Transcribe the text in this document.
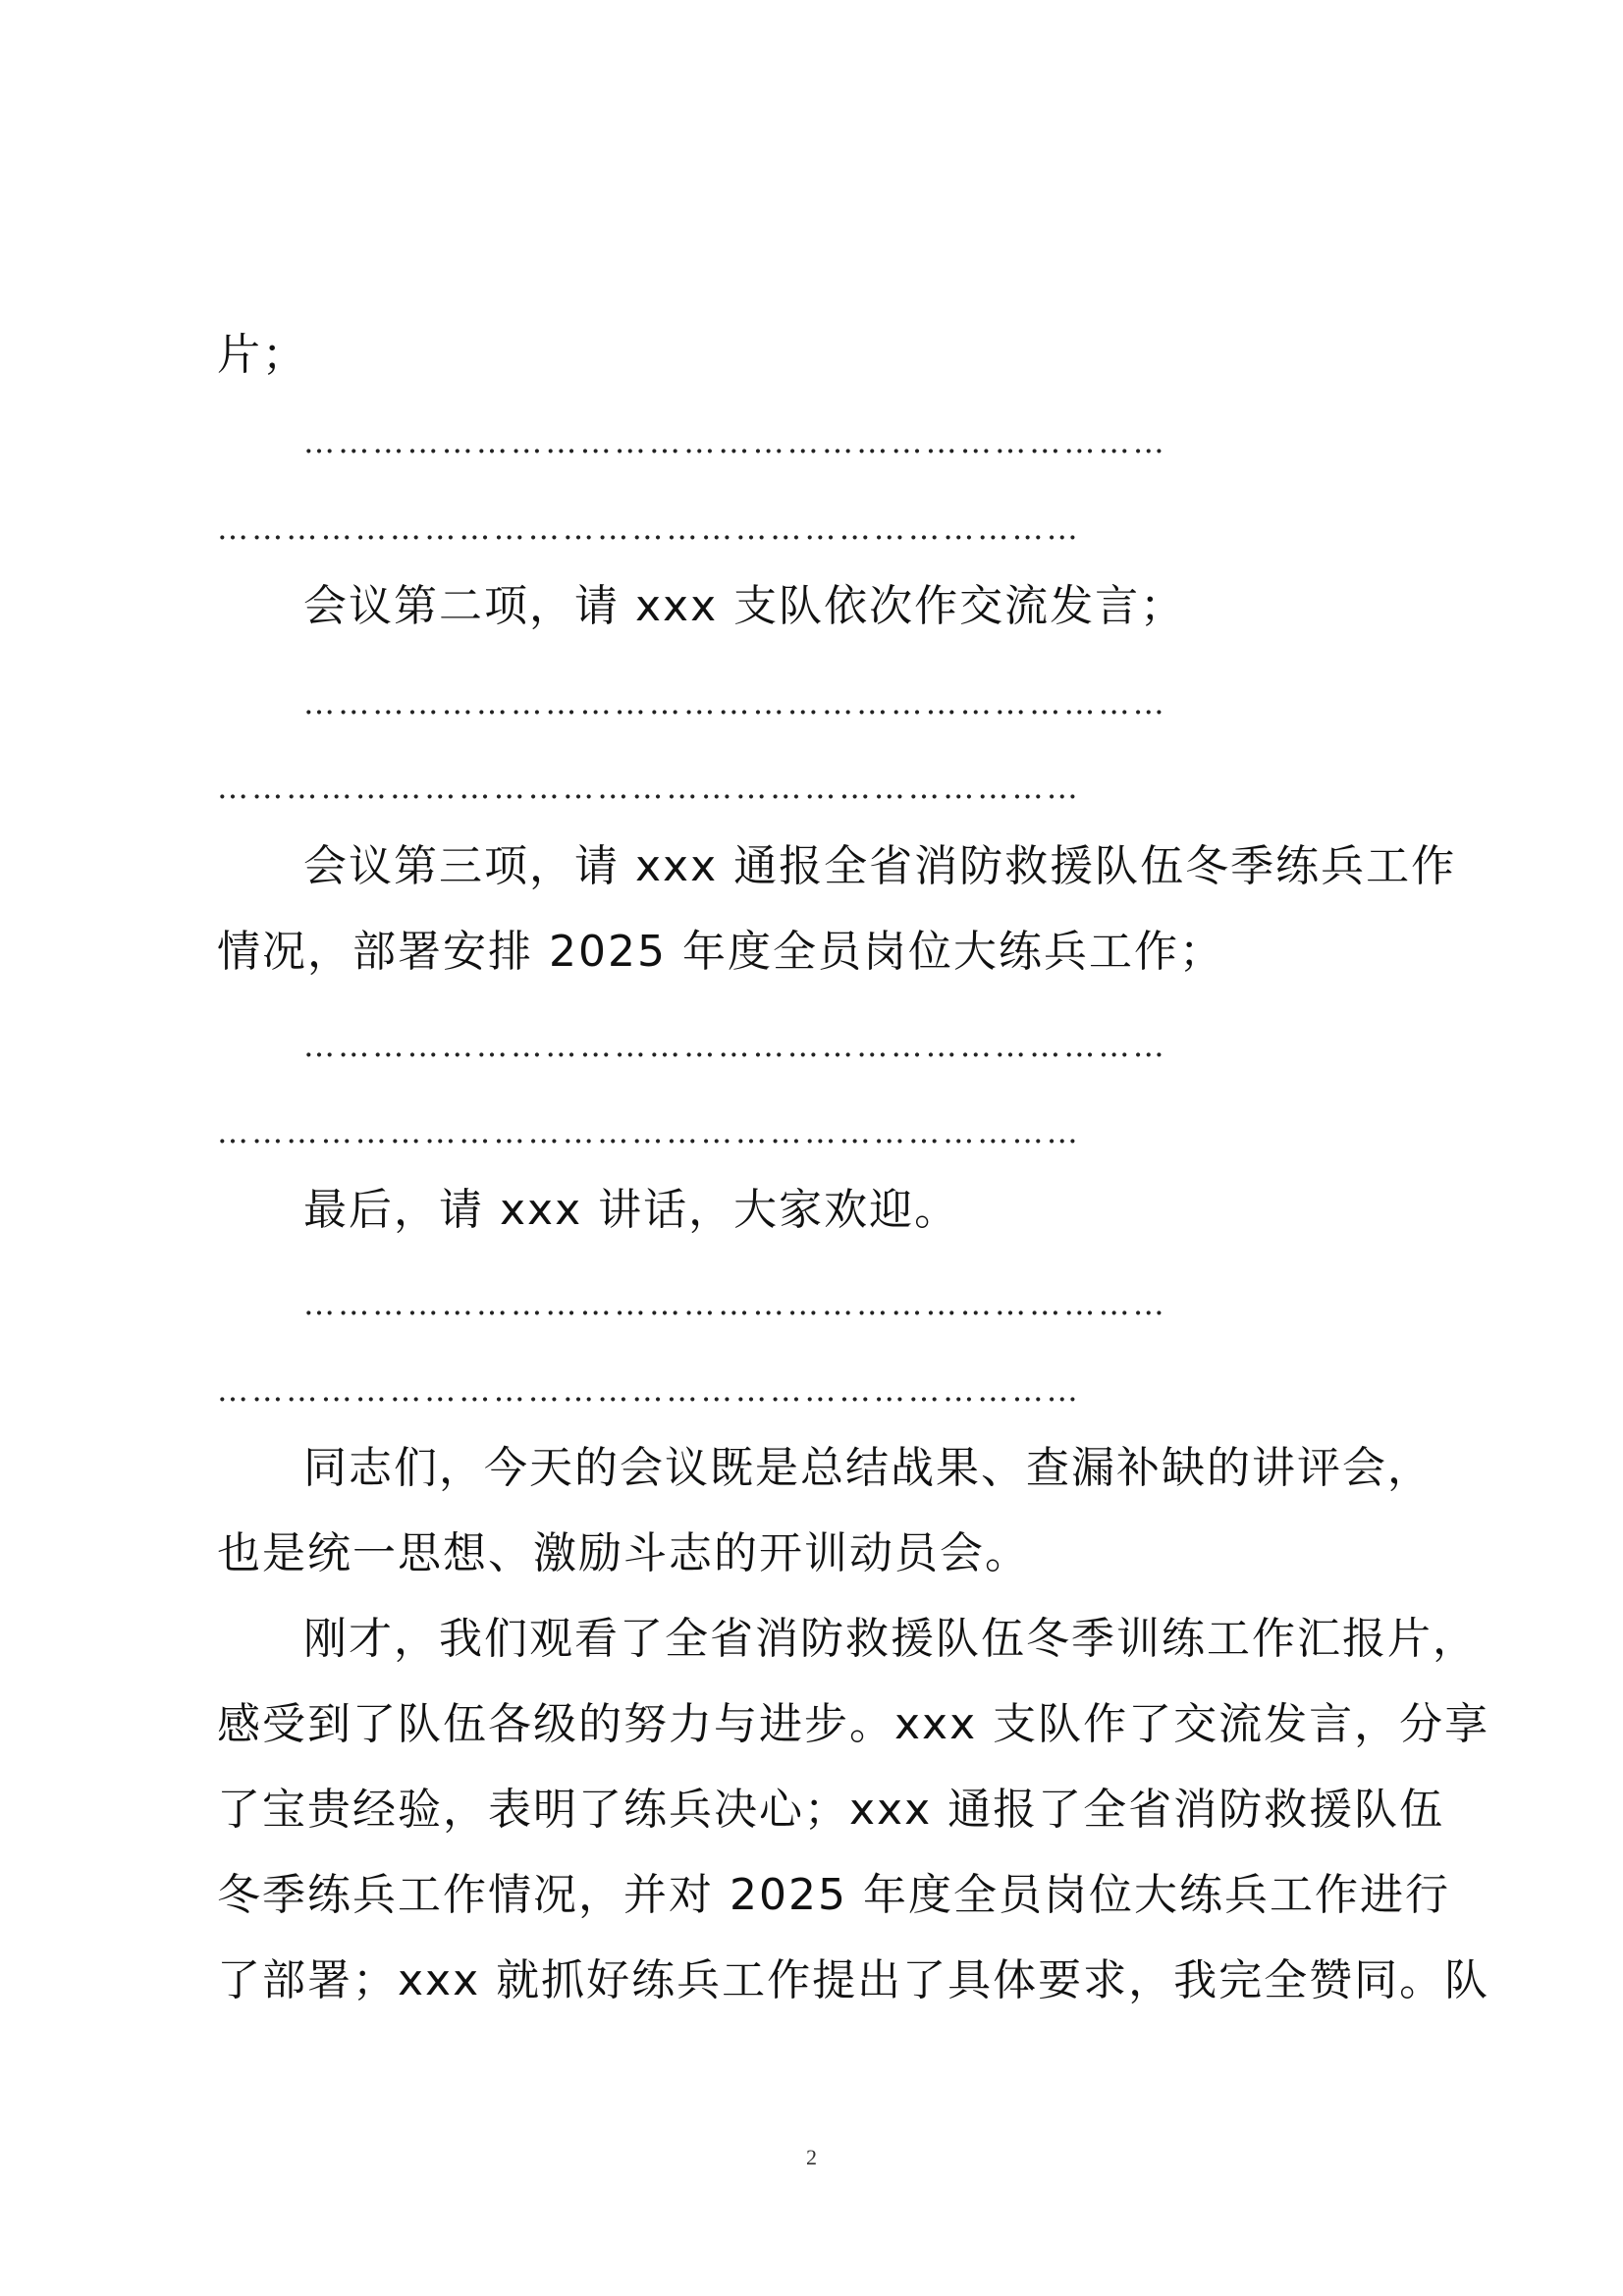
片；
…………………………………………………………………
…………………………………………………………………
会议第二项，请 xxx 支队依次作交流发言；
…………………………………………………………………
…………………………………………………………………
会议第三项，请 xxx 通报全省消防救援队伍冬季练兵工作
情况，部署安排 2025 年度全员岗位大练兵工作；
…………………………………………………………………
…………………………………………………………………
最后，请 xxx 讲话，大家欢迎。
…………………………………………………………………
…………………………………………………………………
同志们，今天的会议既是总结战果、查漏补缺的讲评会，
也是统一思想、激励斗志的开训动员会。
刚才，我们观看了全省消防救援队伍冬季训练工作汇报片，
感受到了队伍各级的努力与进步。xxx 支队作了交流发言，分享
了宝贵经验，表明了练兵决心；xxx 通报了全省消防救援队伍
冬季练兵工作情况，并对 2025 年度全员岗位大练兵工作进行
了部署；xxx 就抓好练兵工作提出了具体要求，我完全赞同。队
2
